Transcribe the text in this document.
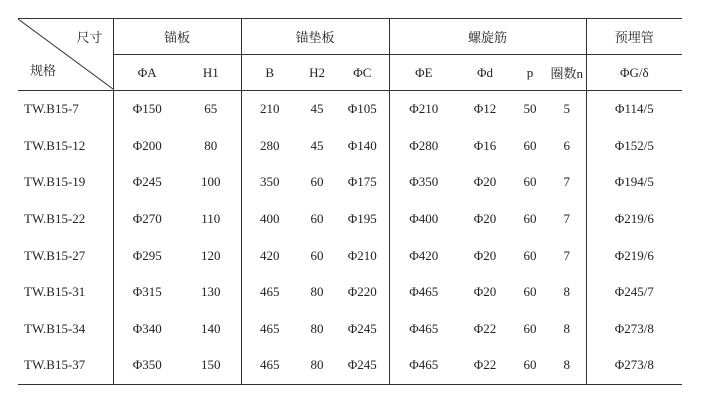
尺寸
规格	锚板		锚垫板			螺旋筋				预埋管
	ΦA	H1	B	H2	ΦC	ΦE	Φd	p	圈数n	ΦG/δ
TW.B15-7	Φ150	65	210	45	Φ105	Φ210	Φ12	50	5	Φ114/5
TW.B15-12	Φ200	80	280	45	Φ140	Φ280	Φ16	60	6	Φ152/5
TW.B15-19	Φ245	100	350	60	Φ175	Φ350	Φ20	60	7	Φ194/5
TW.B15-22	Φ270	110	400	60	Φ195	Φ400	Φ20	60	7	Φ219/6
TW.B15-27	Φ295	120	420	60	Φ210	Φ420	Φ20	60	7	Φ219/6
TW.B15-31	Φ315	130	465	80	Φ220	Φ465	Φ20	60	8	Φ245/7
TW.B15-34	Φ340	140	465	80	Φ245	Φ465	Φ22	60	8	Φ273/8
TW.B15-37	Φ350	150	465	80	Φ245	Φ465	Φ22	60	8	Φ273/8
